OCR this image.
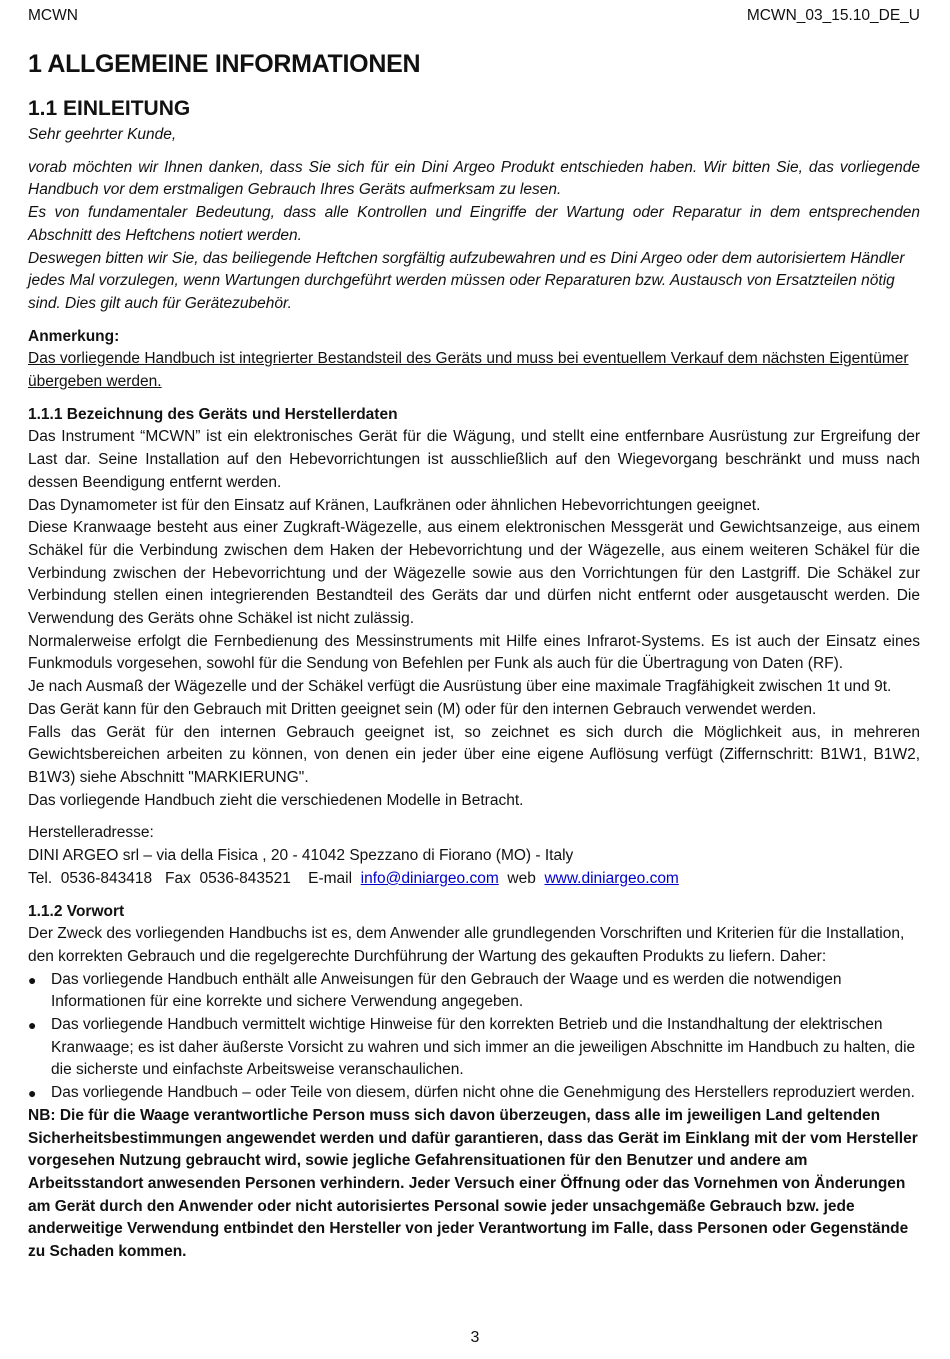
MCWN	MCWN_03_15.10_DE_U
1 ALLGEMEINE INFORMATIONEN
1.1 EINLEITUNG

Sehr geehrter Kunde,

vorab möchten wir Ihnen danken, dass Sie sich für ein Dini Argeo Produkt entschieden haben. Wir bitten Sie, das vorliegende Handbuch vor dem erstmaligen Gebrauch Ihres Geräts aufmerksam zu lesen.

Es von fundamentaler Bedeutung, dass alle Kontrollen und Eingriffe der Wartung oder Reparatur in dem entsprechenden Abschnitt des Heftchens notiert werden.

Deswegen bitten wir Sie, das beiliegende Heftchen sorgfältig aufzubewahren und es Dini Argeo oder dem autorisiertem Händler jedes Mal vorzulegen, wenn Wartungen durchgeführt werden müssen oder Reparaturen bzw. Austausch von Ersatzteilen nötig sind. Dies gilt auch für Gerätezubehör.

Anmerkung:

Das vorliegende Handbuch ist integrierter Bestandsteil des Geräts und muss bei eventuellem Verkauf dem nächsten Eigentümer übergeben werden.

1.1.1 Bezeichnung des Geräts und Herstellerdaten

Das Instrument “MCWN” ist ein elektronisches Gerät für die Wägung, und stellt eine entfernbare Ausrüstung zur Ergreifung der Last dar. Seine Installation auf den Hebevorrichtungen ist ausschließlich auf den Wiegevorgang beschränkt und muss nach dessen Beendigung entfernt werden.

Das Dynamometer ist für den Einsatz auf Kränen, Laufkränen oder ähnlichen Hebevorrichtungen geeignet.

Diese Kranwaage besteht aus einer Zugkraft-Wägezelle, aus einem elektronischen Messgerät und Gewichtsanzeige, aus einem Schäkel für die Verbindung zwischen dem Haken der Hebevorrichtung und der Wägezelle, aus einem weiteren Schäkel für die Verbindung zwischen der Hebevorrichtung und der Wägezelle sowie aus den Vorrichtungen für den Lastgriff. Die Schäkel zur Verbindung stellen einen integrierenden Bestandteil des Geräts dar und dürfen nicht entfernt oder ausgetauscht werden. Die Verwendung des Geräts ohne Schäkel ist nicht zulässig.

Normalerweise erfolgt die Fernbedienung des Messinstruments mit Hilfe eines Infrarot-Systems. Es ist auch der Einsatz eines Funkmoduls vorgesehen, sowohl für die Sendung von Befehlen per Funk als auch für die Übertragung von Daten (RF).

Je nach Ausmaß der Wägezelle und der Schäkel verfügt die Ausrüstung über eine maximale Tragfähigkeit zwischen 1t und 9t.

Das Gerät kann für den Gebrauch mit Dritten geeignet sein (M) oder für den internen Gebrauch verwendet werden.

Falls das Gerät für den internen Gebrauch geeignet ist, so zeichnet es sich durch die Möglichkeit aus, in mehreren Gewichtsbereichen arbeiten zu können, von denen ein jeder über eine eigene Auflösung verfügt (Ziffernschritt: B1W1, B1W2, B1W3) siehe Abschnitt "MARKIERUNG".

Das vorliegende Handbuch zieht die verschiedenen Modelle in Betracht.

Herstelleradresse:

DINI ARGEO srl – via della Fisica , 20 - 41042 Spezzano di Fiorano (MO) - Italy

Tel. 0536-843418 Fax 0536-843521 E-mail info@diniargeo.com web www.diniargeo.com

1.1.2 Vorwort

Der Zweck des vorliegenden Handbuchs ist es, dem Anwender alle grundlegenden Vorschriften und Kriterien für die Installation, den korrekten Gebrauch und die regelgerechte Durchführung der Wartung des gekauften Produkts zu liefern. Daher:

● Das vorliegende Handbuch enthält alle Anweisungen für den Gebrauch der Waage und es werden die notwendigen Informationen für eine korrekte und sichere Verwendung angegeben.
● Das vorliegende Handbuch vermittelt wichtige Hinweise für den korrekten Betrieb und die Instandhaltung der elektrischen Kranwaage; es ist daher äußerste Vorsicht zu wahren und sich immer an die jeweiligen Abschnitte im Handbuch zu halten, die die sicherste und einfachste Arbeitsweise veranschaulichen.
● Das vorliegende Handbuch – oder Teile von diesem, dürfen nicht ohne die Genehmigung des Herstellers reproduziert werden.

NB: Die für die Waage verantwortliche Person muss sich davon überzeugen, dass alle im jeweiligen Land geltenden Sicherheitsbestimmungen angewendet werden und dafür garantieren, dass das Gerät im Einklang mit der vom Hersteller vorgesehen Nutzung gebraucht wird, sowie jegliche Gefahrensituationen für den Benutzer und andere am Arbeitsstandort anwesenden Personen verhindern. Jeder Versuch einer Öffnung oder das Vornehmen von Änderungen am Gerät durch den Anwender oder nicht autorisiertes Personal sowie jeder unsachgemäße Gebrauch bzw. jede anderweitige Verwendung entbindet den Hersteller von jeder Verantwortung im Falle, dass Personen oder Gegenstände zu Schaden kommen.

3
